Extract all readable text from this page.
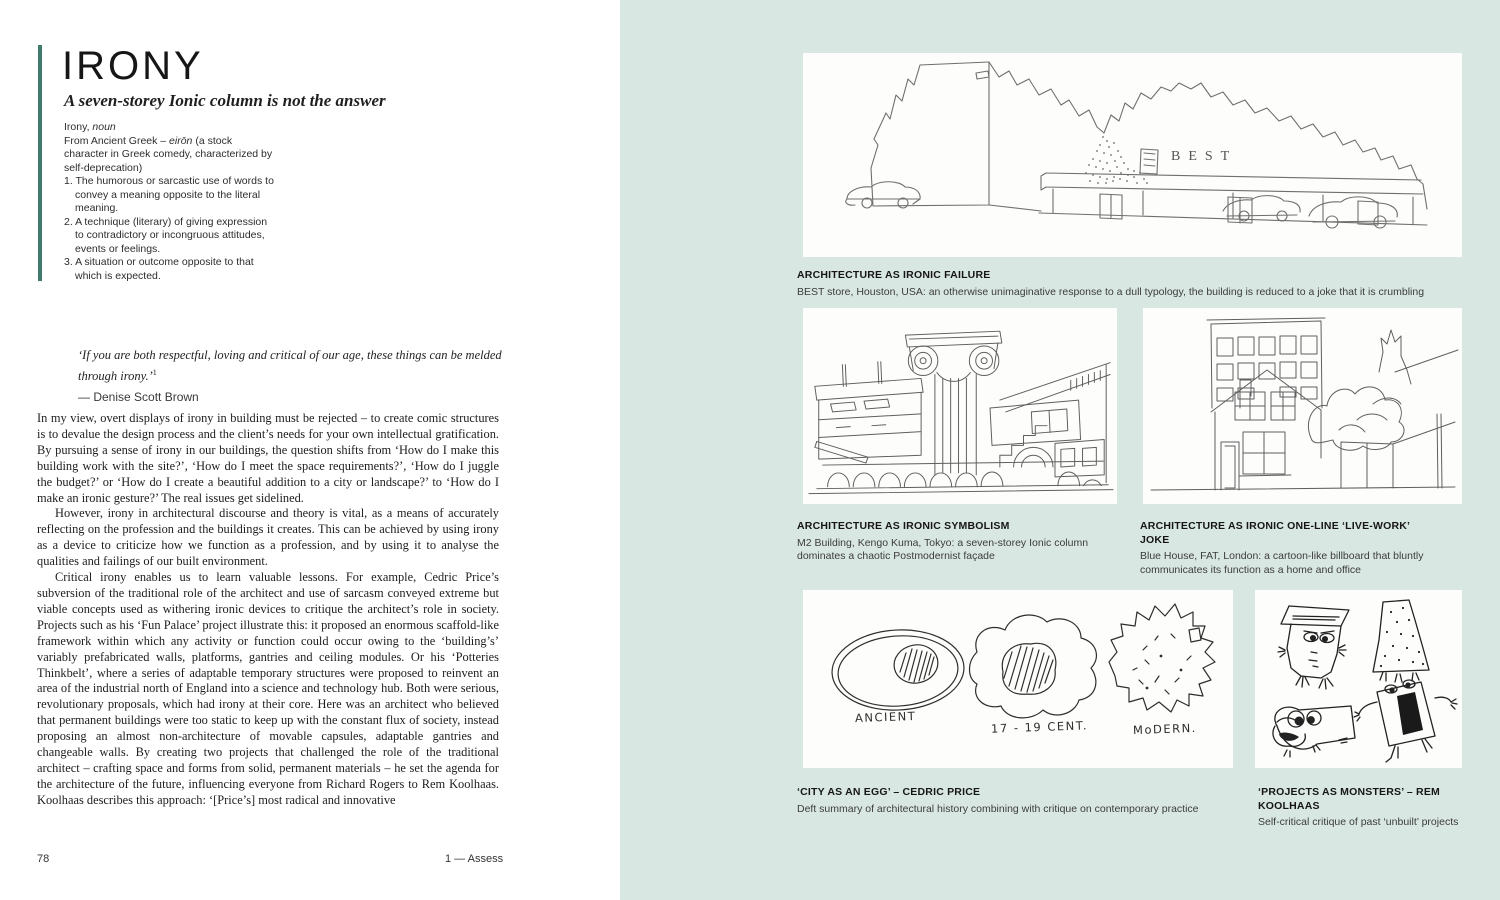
IRONY
A seven-storey Ionic column is not the answer

Irony, noun

From Ancient Greek – eirōn (a stock character in Greek comedy, characterized by self-deprecation)

1. The humorous or sarcastic use of words to convey a meaning opposite to the literal meaning.

2. A technique (literary) of giving expression to contradictory or incongruous attitudes, events or feelings.

3. A situation or outcome opposite to that which is expected.

‘If you are both respectful, loving and critical of our age, these things can be melded through irony.’$^1$

— Denise Scott Brown

In my view, overt displays of irony in building must be rejected – to create comic structures is to devalue the design process and the client’s needs for your own intellectual gratification. By pursuing a sense of irony in our buildings, the question shifts from ‘How do I make this building work with the site?’, ‘How do I meet the space requirements?’, ‘How do I juggle the budget?’ or ‘How do I create a beautiful addition to a city or landscape?’ to ‘How do I make an ironic gesture?’ The real issues get sidelined.

However, irony in architectural discourse and theory is vital, as a means of accurately reflecting on the profession and the buildings it creates. This can be achieved by using irony as a device to criticize how we function as a profession, and by using it to analyse the qualities and failings of our built environment.

Critical irony enables us to learn valuable lessons. For example, Cedric Price’s subversion of the traditional role of the architect and use of sarcasm conveyed extreme but viable concepts used as withering ironic devices to critique the architect’s role in society. Projects such as his ‘Fun Palace’ project illustrate this: it proposed an enormous scaffold-like framework within which any activity or function could occur owing to the ‘building’s’ variably prefabricated walls, platforms, gantries and ceiling modules. Or his ‘Potteries Thinkbelt’, where a series of adaptable temporary structures were proposed to reinvent an area of the industrial north of England into a science and technology hub. Both were serious, revolutionary proposals, which had irony at their core. Here was an architect who believed that permanent buildings were too static to keep up with the constant flux of society, instead proposing an almost non-architecture of movable capsules, adaptable gantries and changeable walls. By creating two projects that challenged the role of the traditional architect – crafting space and forms from solid, permanent materials – he set the agenda for the architecture of the future, influencing everyone from Richard Rogers to Rem Koolhaas. Koolhaas describes this approach: ‘[Price’s] most radical and innovative

78	1 — Assess
BEST
ARCHITECTURE AS IRONIC FAILURE
BEST store, Houston, USA: an otherwise unimaginative response to a dull typology, the building is reduced to a joke that it is crumbling
ARCHITECTURE AS IRONIC SYMBOLISM
M2 Building, Kengo Kuma, Tokyo: a seven-storey Ionic column dominates a chaotic Postmodernist façade
ARCHITECTURE AS IRONIC ONE-LINE ‘LIVE-WORK’ JOKE
Blue House, FAT, London: a cartoon-like billboard that bluntly communicates its function as a home and office
ANCIENT
17 - 19 CENT.	MoDERN.
‘CITY AS AN EGG’ – CEDRIC PRICE
Deft summary of architectural history combining with critique on contemporary practice
‘PROJECTS AS MONSTERS’ – REM KOOLHAAS
Self-critical critique of past ‘unbuilt’ projects
